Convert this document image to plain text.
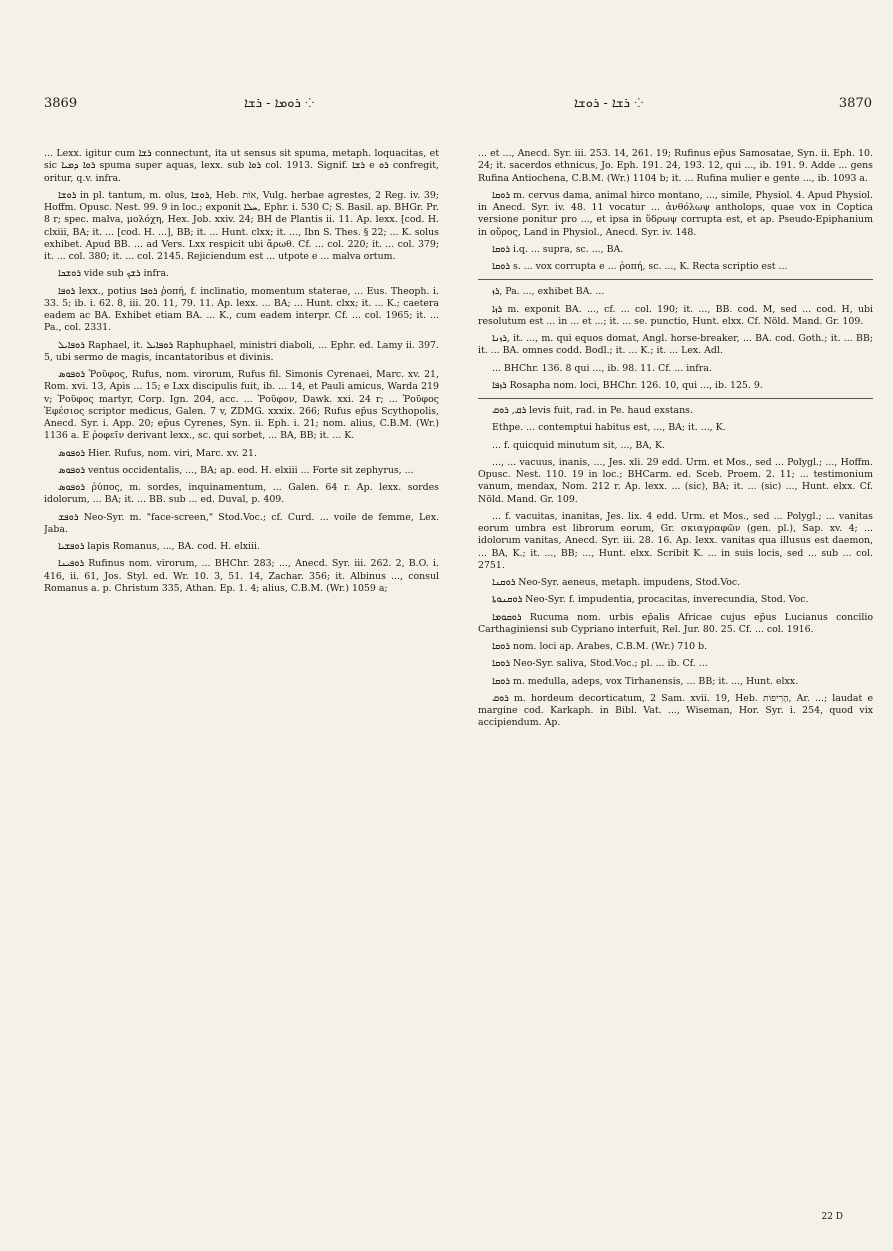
3869	⁘ ܪܘܡܐ - ܪܫܐ	⁘ ܪܫܐ - ܪܘܫܐ	3870

... Lexx. igitur cum ܪܫܐ connectunt, ita ut sensus sit spuma, metaph. loquacitas, et sic ܪܘܐ ܕܡܝܐ spuma super aquas, lexx. sub ܪܘܐ col. 1913. Signif. ܪܫܐ e ܪܘ confregit, oritur, q.v. infra.

ܪܘܫܐ in pl. tantum, m. olus, ܪܘܫܐ, Heb. אוֹת, Vulg. herbae agrestes, 2 Reg. iv. 39; Hoffm. Opusc. Nest. 99. 9 in loc.; exponit ܚܠܐ, Ephr. i. 530 C; S. Basil. ap. BHGr. Pr. 8 r; spec. malva, μολόχη, Hex. Job. xxiv. 24; BH de Plantis ii. 11. Ap. lexx. [cod. H. clxiii, BA; it. ... [cod. H. ...], BB; it. ... Hunt. clxx; it. ..., Ibn S. Thes. § 22; ... K. solus exhibet. Apud BB. ... ad Vers. Lxx respicit ubi ἄρωθ. Cf. ... col. 220; it. ... col. 379; it. ... col. 380; it. ... col. 2145. Rejiciendum est ... utpote e ... malva ortum.

ܪܘܫܟܐ vide sub ܪܫܟ infra.

ܪܘܦܐ lexx., potius ܪܘܦܐ ῥοπή, f. inclinatio, momentum staterae, ... Eus. Theoph. i. 33. 5; ib. i. 62. 8, iii. 20. 11, 79. 11. Ap. lexx. ... BA; ... Hunt. clxx; it. ... K.; caetera eadem ac BA. Exhibet etiam BA. ... K., cum eadem interpr. Cf. ... col. 1965; it. ... Pa., col. 2331.

ܪܘܦܐܝܠ Raphael, it. ܪܘܦܐܝܠ Raphuphael, ministri diaboli, ... Ephr. ed. Lamy ii. 397. 5, ubi sermo de magis, incantatoribus et divinis.

ܪܘܦܘܣ Ῥοῦφος, Rufus, nom. virorum, Rufus fil. Simonis Cyrenaei, Marc. xv. 21, Rom. xvi. 13, Apis ... 15; e Lxx discipulis fuit, ib. ... 14, et Pauli amicus, Warda 219 v; Ῥοῦφος martyr, Corp. Ign. 204, acc. ... Ῥοῦφον, Dawk. xxi. 24 r; ... Ῥοῦφος Ἐφέσιος scriptor medicus, Galen. 7 v, ZDMG. xxxix. 266; Rufus ep̄us Scythopolis, Anecd. Syr. i. App. 20; ep̄us Cyrenes, Syn. ii. Eph. i. 21; nom. alius, C.B.M. (Wr.) 1136 a. E ῥοφεῖν derivant lexx., sc. qui sorbet, ... BA, BB; it. ... K.

ܪܘܦܘܣ Hier. Rufus, nom. viri, Marc. xv. 21.

ܪܘܦܘܣ ventus occidentalis, ..., BA; ap. eod. H. elxiii ... Forte sit zephyrus, ...

ܪܘܦܘܣ ῥύπος, m. sordes, inquinamentum, ... Galen. 64 r. Ap. lexx. sordes idolorum, ... BA; it. ... BB. sub ... ed. Duval, p. 409.

ܪܘܦܫ Neo-Syr. m. "face-screen," Stod.Voc.; cf. Curd. ... voile de femme, Lex. Jaba.

ܪܘܦܫܝܐ lapis Romanus, ..., BA. cod. H. elxiii.

ܪܘܦܝܢܐ Rufinus nom. virorum, ... BHChr. 283; ..., Anecd. Syr. iii. 262. 2, B.O. i. 416, ii. 61, Jos. Styl. ed. Wr. 10. 3, 51. 14, Zachar. 356; it. Albinus ..., consul Romanus a. p. Christum 335, Athan. Ep. 1. 4; alius, C.B.M. (Wr.) 1059 a;

... et ..., Anecd. Syr. iii. 253. 14, 261. 19; Rufinus ep̄us Samosatae, Syn. ii. Eph. 10. 24; it. sacerdos ethnicus, Jo. Eph. 191. 24, 193. 12, qui ..., ib. 191. 9. Adde ... gens Rufina Antiochena, C.B.M. (Wr.) 1104 b; it. ... Rufina mulier e gente ..., ib. 1093 a.

ܪܘܩܐ m. cervus dama, animal hirco montano, ..., simile, Physiol. 4. Apud Physiol. in Anecd. Syr. iv. 48. 11 vocatur ... ἀνθόλωψ antholops, quae vox in Coptica versione ponitur pro ..., et ipsa in ὕδρωψ corrupta est, et ap. Pseudo-Epiphanium in οὔρος, Land in Physiol., Anecd. Syr. iv. 148.

ܪܘܩܐ i.q. ... supra, sc. ..., BA.

ܪܘܩܐ s. ... vox corrupta e ... ῥοπή, sc. ..., K. Recta scriptio est ...

ܪܙ, Pa. ..., exhibet BA. ...

ܪܙܐ m. exponit BA. ..., cf. ... col. 190; it. ..., BB. cod. M, sed ... cod. H, ubi resolutum est ... in ... et ...; it. ... se. punctio, Hunt. elxx. Cf. Nöld. Mand. Gr. 109.

ܪܙܢܐ, it. ..., m. qui equos domat, Angl. horse-breaker, ... BA. cod. Goth.; it. ... BB; it. ... BA. omnes codd. Bodl.; it. ... K.; it. ... Lex. Adl.

... BHChr. 136. 8 qui ..., ib. 98. 11. Cf. ... infra.

ܪܙܦܐ Rosapha nom. loci, BHChr. 126. 10, qui ..., ib. 125. 9.

ܪܩ, ܪܘܩ levis fuit, rad. in Pe. haud exstans.

Ethpe. ... contemptui habitus est, ..., BA; it. ..., K.

... f. quicquid minutum sit, ..., BA, K.

..., ... vacuus, inanis, ..., Jes. xli. 29 edd. Urm. et Mos., sed ... Polygl.; ..., Hoffm. Opusc. Nest. 110. 19 in loc.; BHCarm. ed. Sceb. Proem. 2. 11; ... testimonium vanum, mendax, Nom. 212 r. Ap. lexx. ... (sic), BA; it. ... (sic) ..., Hunt. elxx. Cf. Nöld. Mand. Gr. 109.

... f. vacuitas, inanitas, Jes. lix. 4 edd. Urm. et Mos., sed ... Polygl.; ... vanitas eorum umbra est librorum eorum, Gr. σκιαγραφῶν (gen. pl.), Sap. xv. 4; ... idolorum vanitas, Anecd. Syr. iii. 28. 16. Ap. lexx. vanitas qua illusus est daemon, ... BA, K.; it. ..., BB; ..., Hunt. elxx. Scribit K. ... in suis locis, sed ... sub ... col. 2751.

ܪܘܩܢܐ Neo-Syr. aeneus, metaph. impudens, Stod.Voc.

ܪܘܩܢܘܬܐ Neo-Syr. f. impudentia, procacitas, inverecundia, Stod. Voc.

ܪܘܩܘܡܐ Rucuma nom. urbis ep̄alis Africae cujus ep̄us Lucianus concilio Carthaginiensi sub Cypriano interfuit, Rel. Jur. 80. 25. Cf. ... col. 1916.

ܪܘܩܐ nom. loci ap. Arabes, C.B.M. (Wr.) 710 b.

ܪܘܩܐ Neo-Syr. saliva, Stod.Voc.; pl. ... ib. Cf. ...

ܪܘܩܐ m. medulla, adeps, vox Tirhanensis, ... BB; it. ..., Hunt. elxx.

ܪܘܩ m. hordeum decorticatum, 2 Sam. xvii. 19, Heb. הָרִיפוֹת, Ar. ...; laudat e margine cod. Karkaph. in Bibl. Vat. ..., Wiseman, Hor. Syr. i. 254, quod vix accipiendum. Ap.

22 D
